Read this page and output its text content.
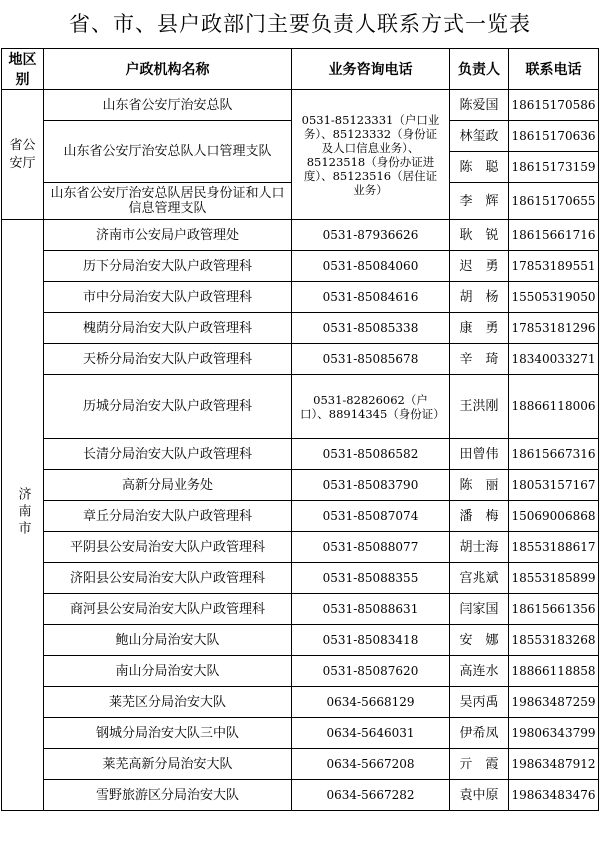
省、市、县户政部门主要负责人联系方式一览表
地区别	户政机构名称	业务咨询电话	负责人	联系电话
省公安厅	山东省公安厅治安总队	0531-85123331（户口业务）、85123332（身份证及人口信息业务）、85123518（身份办证进度）、85123516（居住证业务）	陈爱国	18615170586
	山东省公安厅治安总队人口管理支队		林玺政	18615170636
			陈　聪	18615173159
	山东省公安厅治安总队居民身份证和人口信息管理支队		李　辉	18615170655
济南市	济南市公安局户政管理处	0531-87936626	耿　锐	18615661716
	历下分局治安大队户政管理科	0531-85084060	迟　勇	17853189551
	市中分局治安大队户政管理科	0531-85084616	胡　杨	15505319050
	槐荫分局治安大队户政管理科	0531-85085338	康　勇	17853181296
	天桥分局治安大队户政管理科	0531-85085678	辛　琦	18340033271
	历城分局治安大队户政管理科	0531-82826062（户口）、88914345（身份证）	王洪刚	18866118006
	长清分局治安大队户政管理科	0531-85086582	田曾伟	18615667316
	高新分局业务处	0531-85083790	陈　丽	18053157167
	章丘分局治安大队户政管理科	0531-85087074	潘　梅	15069006868
	平阴县公安局治安大队户政管理科	0531-85088077	胡士海	18553188617
	济阳县公安局治安大队户政管理科	0531-85088355	宫兆斌	18553185899
	商河县公安局治安大队户政管理科	0531-85088631	闫家国	18615661356
	鲍山分局治安大队	0531-85083418	安　娜	18553183268
	南山分局治安大队	0531-85087620	高连水	18866118858
	莱芜区分局治安大队	0634-5668129	吴丙禹	19863487259
	钢城分局治安大队三中队	0634-5646031	伊希凤	19806343799
	莱芜高新分局治安大队	0634-5667208	亓　霞	19863487912
	雪野旅游区分局治安大队	0634-5667282	袁中原	19863483476
